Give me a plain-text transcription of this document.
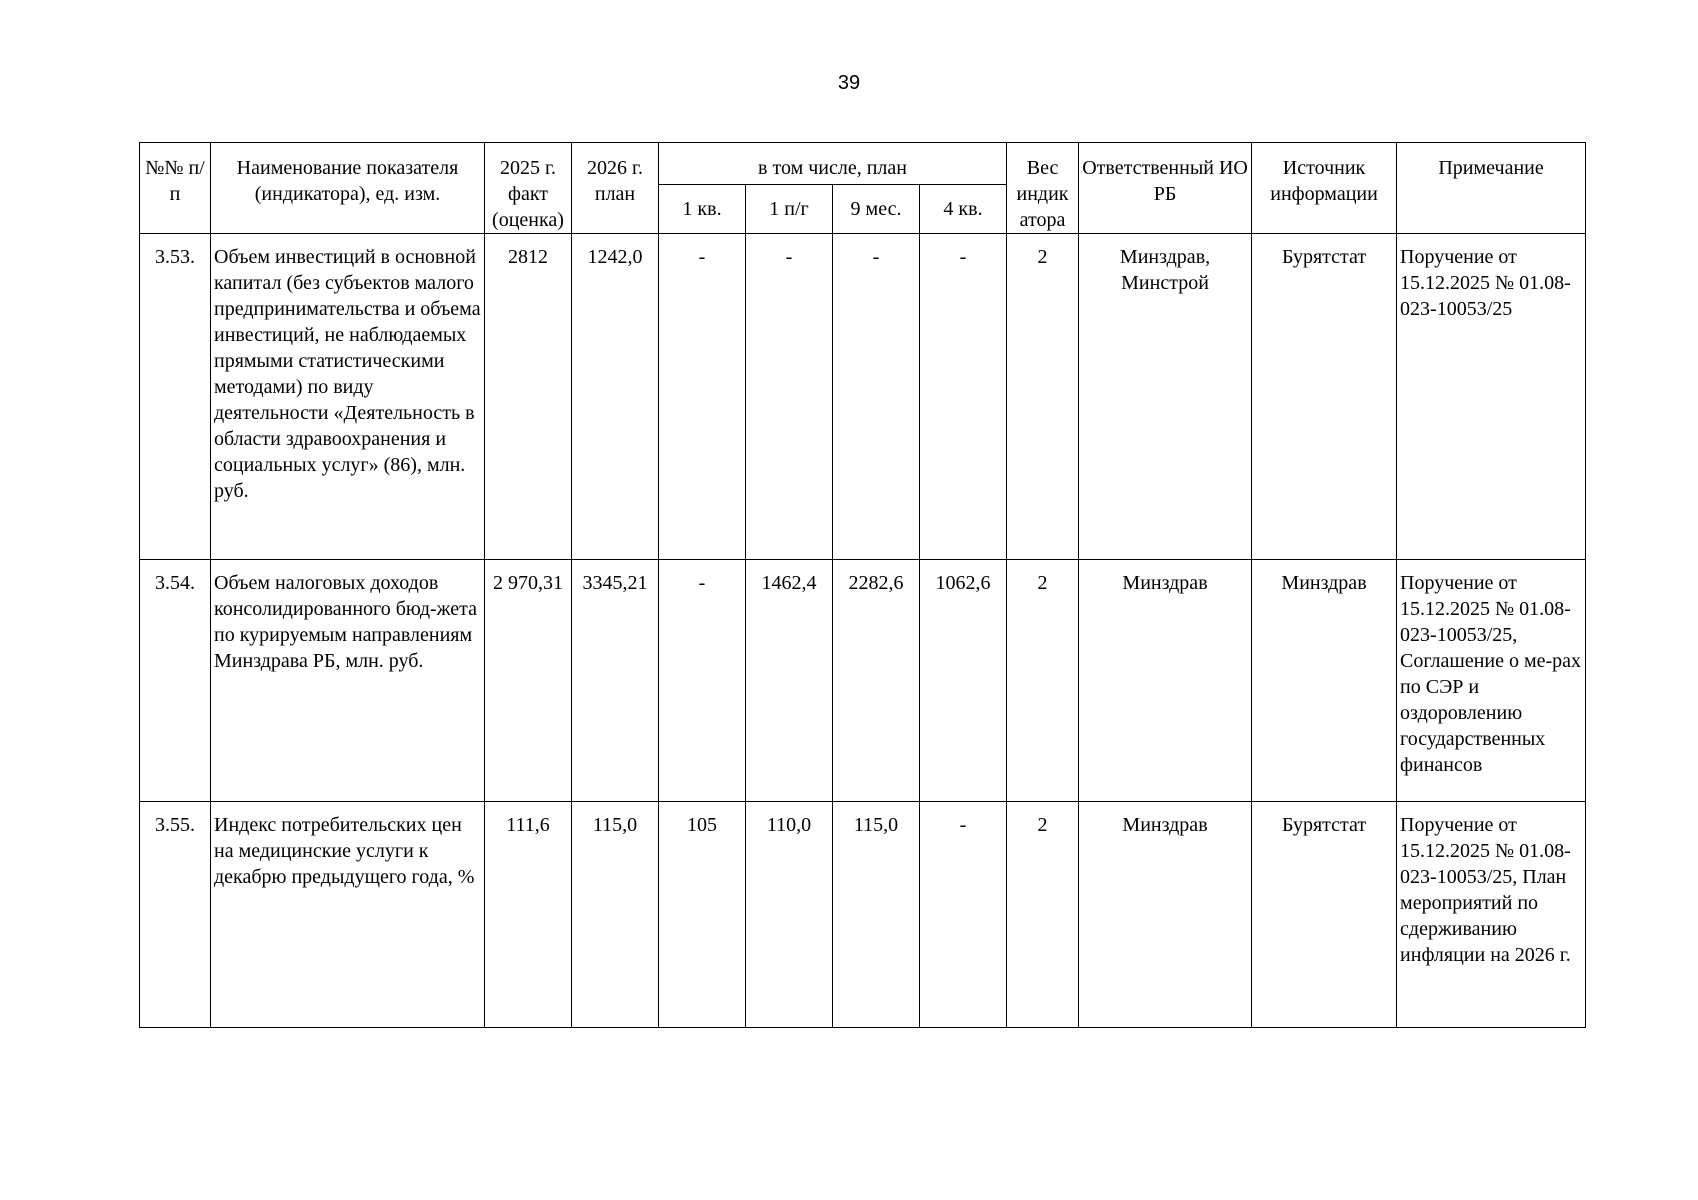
39
№№ п/п	Наименование показателя (индикатора), ед. изм.	2025 г. факт (оценка)	2026 г. план	в том числе, план				Вес индик атора	Ответственный ИО РБ	Источник информации	Примечание
				1 кв.	1 п/г	9 мес.	4 кв.				
3.53.	Объем инвестиций в основной капитал (без субъектов малого предпринимательства и объема инвестиций, не наблюдаемых прямыми статистическими методами) по виду деятельности «Деятельность в области здравоохранения и социальных услуг» (86), млн. руб.	2812	1242,0	-	-	-	-	2	Минздрав, Минстрой	Бурятстат	Поручение от 15.12.2025 № 01.08-023-10053/25
3.54.	Объем налоговых доходов консолидированного бюд-жета по курируемым направлениям Минздрава РБ, млн. руб.	2 970,31	3345,21	-	1462,4	2282,6	1062,6	2	Минздрав	Минздрав	Поручение от 15.12.2025 № 01.08-023-10053/25, Соглашение о ме-рах по СЭР и оздоровлению государственных финансов
3.55.	Индекс потребительских цен на медицинские услуги к декабрю предыдущего года, %	111,6	115,0	105	110,0	115,0	-	2	Минздрав	Бурятстат	Поручение от 15.12.2025 № 01.08-023-10053/25, План мероприятий по сдерживанию инфляции на 2026 г.
